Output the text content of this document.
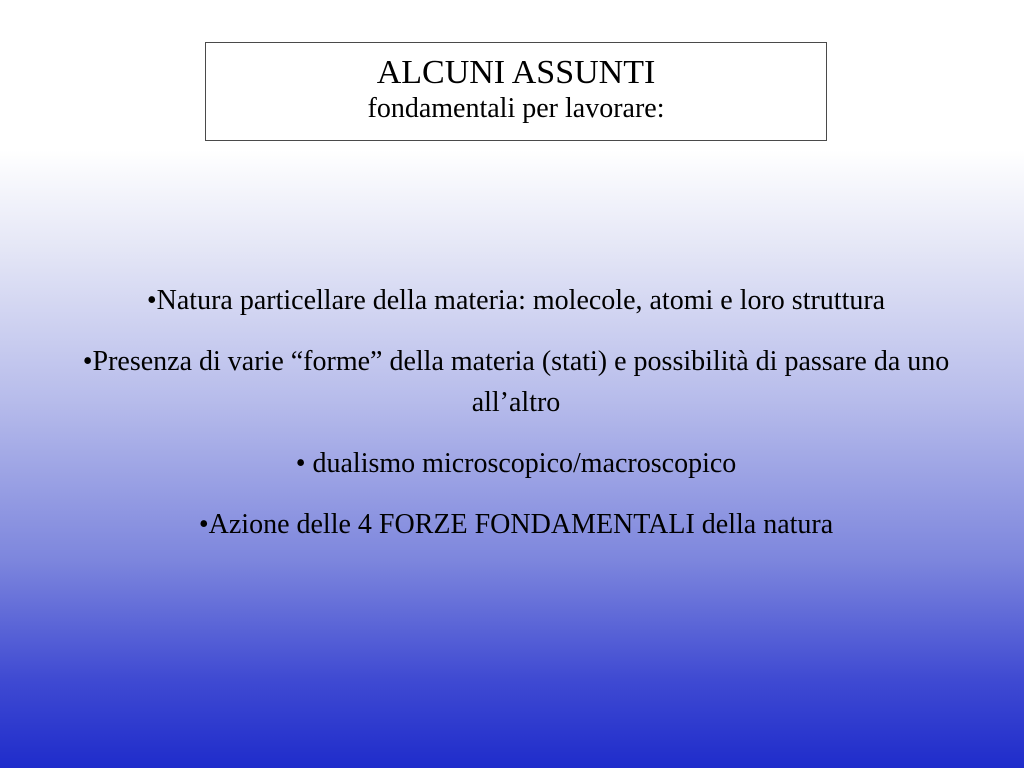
ALCUNI ASSUNTI
fondamentali per lavorare:

•Natura particellare della materia: molecole, atomi e loro struttura

•Presenza di varie “forme” della materia (stati) e possibilità di passare da uno all’altro

• dualismo microscopico/macroscopico

•Azione delle 4 FORZE FONDAMENTALI della natura
